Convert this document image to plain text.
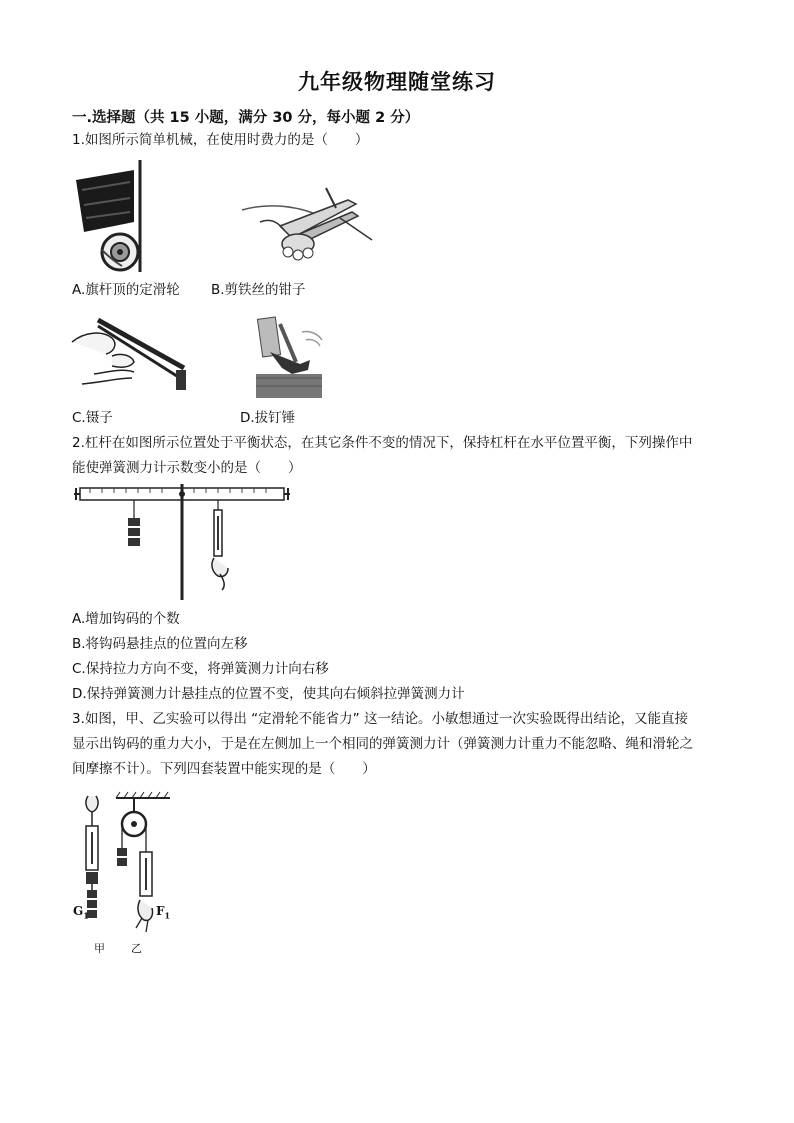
九年级物理随堂练习
一.选择题（共 15 小题，满分 30 分，每小题 2 分）
1.如图所示简单机械，在使用时费力的是（　　）
A.旗杆顶的定滑轮 B.剪铁丝的钳子
C.镊子	D.拔钉锤
2.杠杆在如图所示位置处于平衡状态，在其它条件不变的情况下，保持杠杆在水平位置平衡，下列操作中
能使弹簧测力计示数变小的是（　　）
A.增加钩码的个数
B.将钩码悬挂点的位置向左移
C.保持拉力方向不变，将弹簧测力计向右移
D.保持弹簧测力计悬挂点的位置不变，使其向右倾斜拉弹簧测力计
3.如图，甲、乙实验可以得出 “定滑轮不能省力” 这一结论。小敏想通过一次实验既得出结论，又能直接
显示出钩码的重力大小，于是在左侧加上一个相同的弹簧测力计（弹簧测力计重力不能忽略、绳和滑轮之
间摩擦不计）。下列四套装置中能实现的是（　　）
$G_1$	$F_1$
甲 乙
